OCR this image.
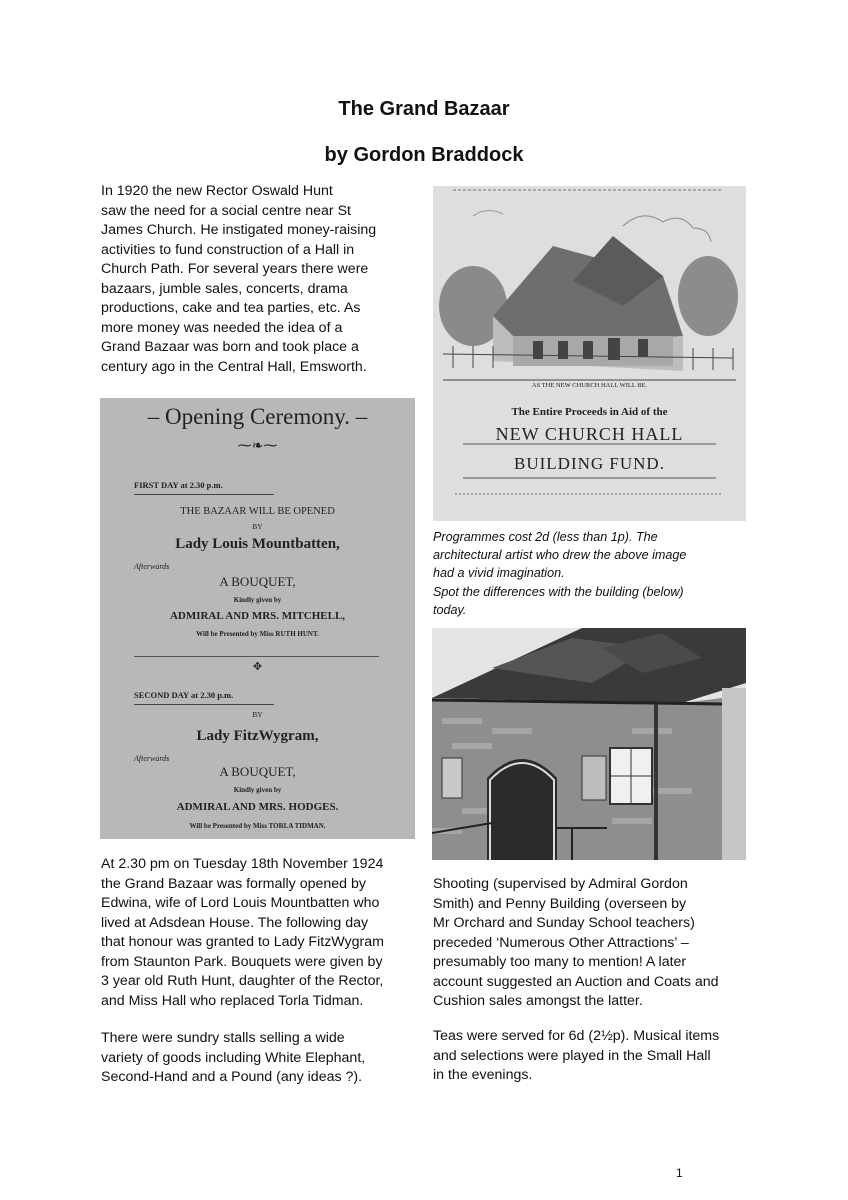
The Grand Bazaar
by Gordon Braddock
In 1920 the new Rector Oswald Hunt
saw the need for a social centre near St
James Church. He instigated money-raising
activities to fund construction of a Hall in
Church Path. For several years there were
bazaars, jumble sales, concerts, drama
productions, cake and tea parties, etc. As
more money was needed the idea of a
Grand Bazaar was born and took place a
century ago in the Central Hall, Emsworth.
– Opening Ceremony. –
⁓❧⁓
FIRST DAY at 2.30 p.m.
THE BAZAAR WILL BE OPENED
BY
Lady Louis Mountbatten,
Afterwards
A BOUQUET,
Kindly given by
ADMIRAL AND MRS. MITCHELL,
Will be Presented by Miss RUTH HUNT.
✥
SECOND DAY at 2.30 p.m.
BY
Lady FitzWygram,
Afterwards
A BOUQUET,
Kindly given by
ADMIRAL AND MRS. HODGES.
Will be Presented by Miss TORLA TIDMAN.
At 2.30 pm on Tuesday 18th November 1924
the Grand Bazaar was formally opened by
Edwina, wife of Lord Louis Mountbatten who
lived at Adsdean House. The following day
that honour was granted to Lady FitzWygram
from Staunton Park. Bouquets were given by
3 year old Ruth Hunt, daughter of the Rector,
and Miss Hall who replaced Torla Tidman.
There were sundry stalls selling a wide
variety of goods including White Elephant,
Second-Hand and a Pound (any ideas ?).
AS THE NEW CHURCH HALL WILL BE.
The Entire Proceeds in Aid of the
NEW CHURCH HALL
BUILDING FUND.
Programmes cost 2d (less than 1p). The
architectural artist who drew the above image
had a vivid imagination.
Spot the differences with the building (below)
today.
Shooting (supervised by Admiral Gordon
Smith) and Penny Building (overseen by
Mr Orchard and Sunday School teachers)
preceded ‘Numerous Other Attractions’ –
presumably too many to mention! A later
account suggested an Auction and Coats and
Cushion sales amongst the latter.
Teas were served for 6d (2½p). Musical items
and selections were played in the Small Hall
in the evenings.
1
